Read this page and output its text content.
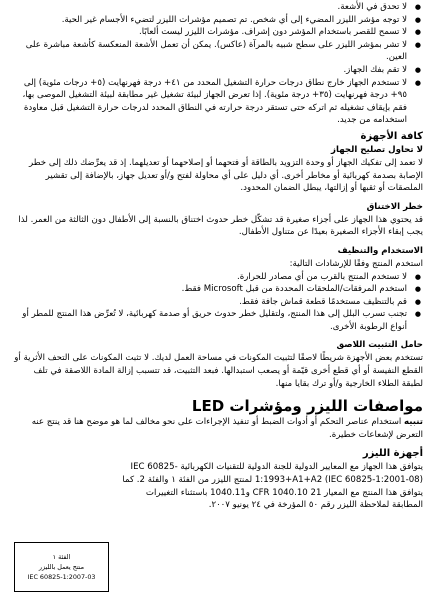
● لا تحدق في الأشعة.
● لا توجه مؤشر الليزر المضيء إلى أي شخص. تم تصميم مؤشرات الليزر لتضيء الأجسام غير الحية.
● لا تسمح للقصر باستخدام المؤشر دون إشراف. مؤشرات الليزر ليست ألعابًا.
● لا تشر بمؤشر الليزر على سطح شبيه بالمرآة (عاكس). يمكن أن تعمل الأشعة المنعكسة كأشعة مباشرة على العين.
● لا تقم بفك الجهاز.
● لا تستخدم الجهاز خارج نطاق درجات حرارة التشغيل المحدد من ٤١+ درجة فهرنهايت (٥+ درجات مئوية) إلى ٩٥+ درجة فهرنهايت (٣٥+ درجة مئوية). إذا تعرض الجهاز لبيئة تشغيل غير مطابقة لبيئة التشغيل الموصى بها، فقم بإيقاف تشغيله ثم اتركه حتى تستقر درجة حرارته في النطاق المحدد لدرجات حرارة التشغيل قبل معاودة استخدامه من جديد.
كافة الأجهزة
لا تحاول تصليح الجهاز

لا تعمد إلى تفكيك الجهاز أو وحدة التزويد بالطاقة أو فتحهما أو إصلاحهما أو تعديلهما. إذ قد يعرِّضك ذلك إلى خطر الإصابة بصدمة كهربائية أو مخاطر أخرى. أي دليل على أي محاولة لفتح و/أو تعديل جهاز، بالإضافة إلى تقشير الملصقات أو ثقبها أو إزالتها، يبطل الضمان المحدود.

خطر الاختناق

قد يحتوي هذا الجهاز على أجزاء صغيرة قد تشكّل خطر حدوث اختناق بالنسبة إلى الأطفال دون الثالثة من العمر. لذا يجب إبقاء الأجزاء الصغيرة بعيدًا عن متناول الأطفال.

الاستخدام والتنظيف

استخدم المنتج وفقًا للإرشادات التالية:

● لا تستخدم المنتج بالقرب من أي مصادر للحرارة.
● استخدم المرفقات/الملحقات المحددة من قبل Microsoft فقط.
● قم بالتنظيف مستخدمًا قطعة قماش جافة فقط.
● تجنب تسرب البلل إلى هذا المنتج، ولتقليل خطر حدوث حريق أو صدمة كهربائية، لا تُعرِّض هذا المنتج للمطر أو أنواع الرطوبة الأخرى.
حامل التثبيت اللاصق

تستخدم بعض الأجهزة شريطًا لاصقًا لتثبيت المكونات في مساحة العمل لديك. لا تثبت المكونات على التحف الأثرية أو القطع النفيسة أو أي قطع أخرى قيّمة أو يصعب استبدالها. فبعد التثبيت، قد تتسبب إزالة المادة اللاصقة في تلف لطبقة الطلاء الخارجية و/أو ترك بقايا منها.

مواصفات الليزر ومؤشرات LED

تنبيه استخدام عناصر التحكم أو أدوات الضبط أو تنفيذ الإجراءات على نحو مخالف لما هو موضح هنا قد ينتج عنه التعرض لإشعاعات خطيرة.

أجهزة الليزر

يتوافق هذا الجهاز مع المعايير الدولية للجنة الدولية للتقنيات الكهربائية IEC 60825-1:1993+A1+A2 (IEC 60825-1:2001-08) لمنتج الليزر من الفئة ١ والفئة 2. كما يتوافق هذا المنتج مع المعيار CFR 1040.10 21 و1040.11 باستثناء التغييرات المطابقة لملاحظة الليزر رقم ٥٠ المؤرخة في ٢٤ يونيو ٢٠٠٧.

الفئة ١
منتج يعمل بالليزر
IEC 60825-1:2007-03
